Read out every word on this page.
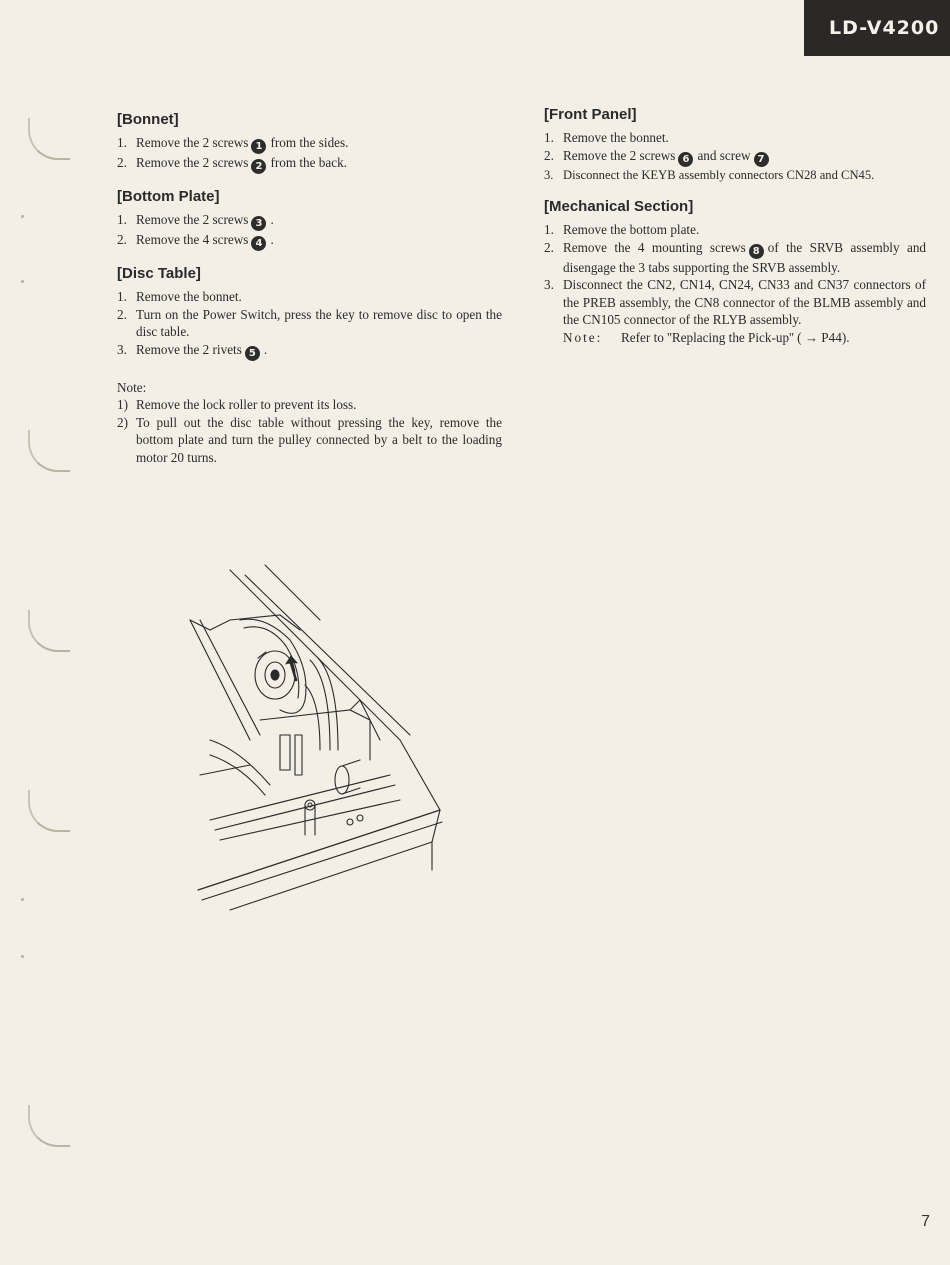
LD-V4200
[Bonnet]
1. Remove the 2 screws 1 from the sides.
2. Remove the 2 screws 2 from the back.
[Bottom Plate]
1. Remove the 2 screws 3 .
2. Remove the 4 screws 4 .
[Disc Table]
1. Remove the bonnet.
2. Turn on the Power Switch, press the key to remove disc to open the disc table.
3. Remove the 2 rivets 5 .

Note:

1) Remove the lock roller to prevent its loss.
2) To pull out the disc table without pressing the key, remove the bottom plate and turn the pulley connected by a belt to the loading motor 20 turns.
[Front Panel]
1. Remove the bonnet.
2. Remove the 2 screws 6 and screw 7
3. Disconnect the KEYB assembly connectors CN28 and CN45.
[Mechanical Section]
1. Remove the bottom plate.
2. Remove the 4 mounting screws 8 of the SRVB assembly and disengage the 3 tabs supporting the SRVB assembly.
3. Disconnect the CN2, CN14, CN24, CN33 and CN37 connectors of the PREB assembly, the CN8 connector of the BLMB assembly and the CN105 connector of the RLYB assembly.
Note: Refer to ''Replacing the Pick-up'' ( → P44).
7
